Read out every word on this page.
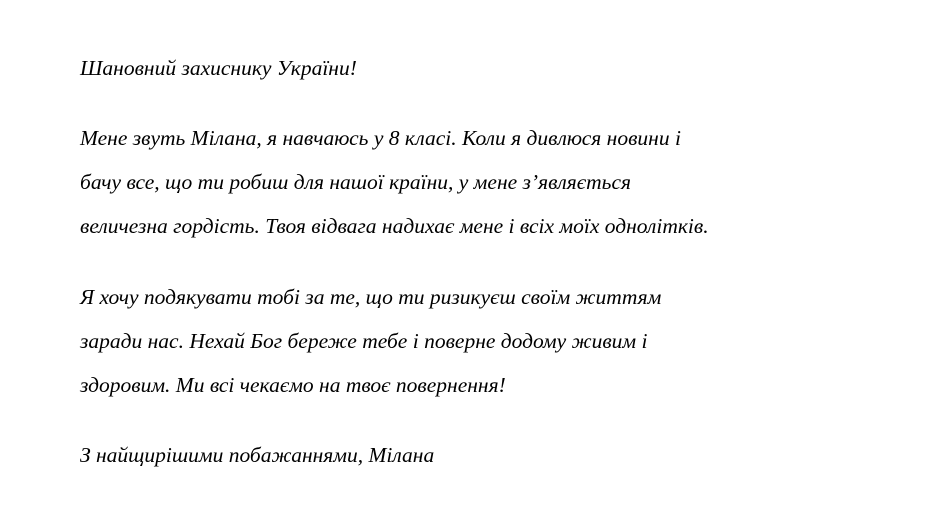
Шановний захиснику України!
Мене звуть Мілана, я навчаюсь у 8 класі. Коли я дивлюся новини і
бачу все, що ти робиш для нашої країни, у мене з’являється
величезна гордість. Твоя відвага надихає мене і всіх моїх однолітків.
Я хочу подякувати тобі за те, що ти ризикуєш своїм життям
заради нас. Нехай Бог береже тебе і поверне додому живим і
здоровим. Ми всі чекаємо на твоє повернення!
З найщирішими побажаннями, Мілана
